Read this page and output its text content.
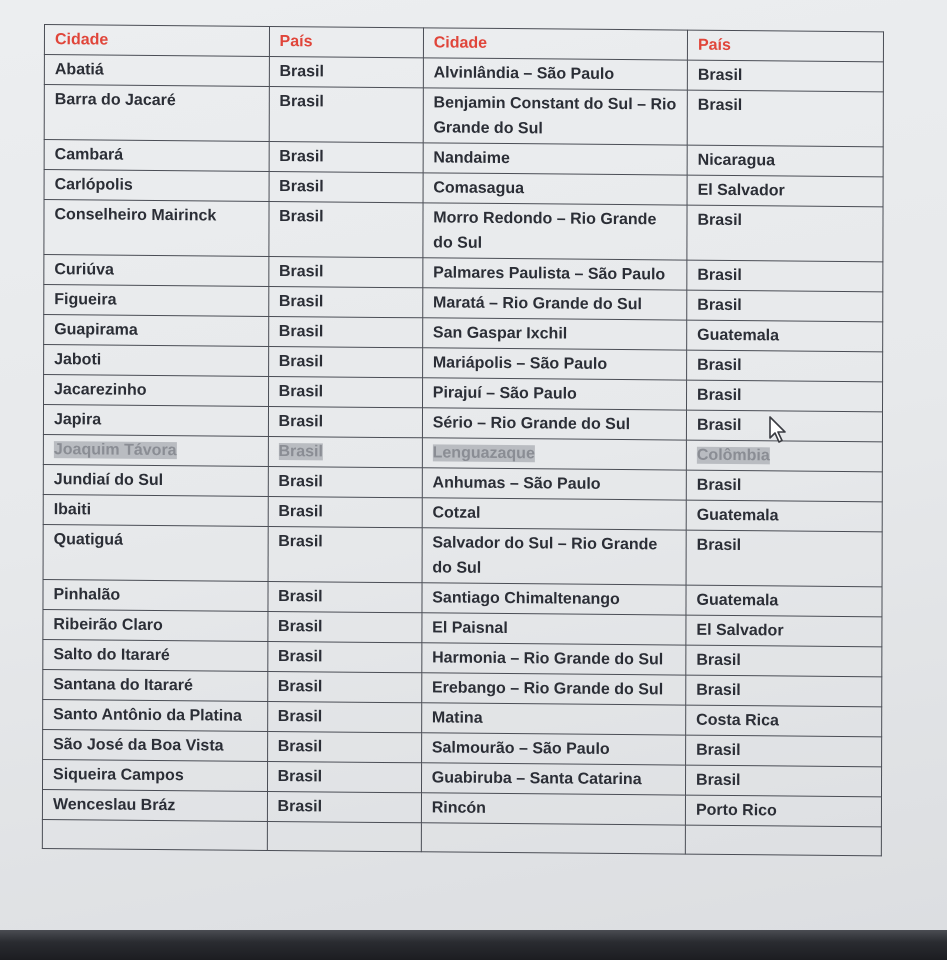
Cidade	País	Cidade	País
Abatiá	Brasil	Alvinlândia – São Paulo	Brasil
Barra do Jacaré	Brasil	Benjamin Constant do Sul – Rio Grande do Sul	Brasil
Cambará	Brasil	Nandaime	Nicaragua
Carlópolis	Brasil	Comasagua	El Salvador
Conselheiro Mairinck	Brasil	Morro Redondo – Rio Grande do Sul	Brasil
Curiúva	Brasil	Palmares Paulista – São Paulo	Brasil
Figueira	Brasil	Maratá – Rio Grande do Sul	Brasil
Guapirama	Brasil	San Gaspar Ixchil	Guatemala
Jaboti	Brasil	Mariápolis – São Paulo	Brasil
Jacarezinho	Brasil	Pirajuí – São Paulo	Brasil
Japira	Brasil	Sério – Rio Grande do Sul	Brasil
Joaquim Távora	Brasil	Lenguazaque	Colômbia
Jundiaí do Sul	Brasil	Anhumas – São Paulo	Brasil
Ibaiti	Brasil	Cotzal	Guatemala
Quatiguá	Brasil	Salvador do Sul – Rio Grande do Sul	Brasil
Pinhalão	Brasil	Santiago Chimaltenango	Guatemala
Ribeirão Claro	Brasil	El Paisnal	El Salvador
Salto do Itararé	Brasil	Harmonia – Rio Grande do Sul	Brasil
Santana do Itararé	Brasil	Erebango – Rio Grande do Sul	Brasil
Santo Antônio da Platina	Brasil	Matina	Costa Rica
São José da Boa Vista	Brasil	Salmourão – São Paulo	Brasil
Siqueira Campos	Brasil	Guabiruba – Santa Catarina	Brasil
Wenceslau Bráz	Brasil	Rincón	Porto Rico
